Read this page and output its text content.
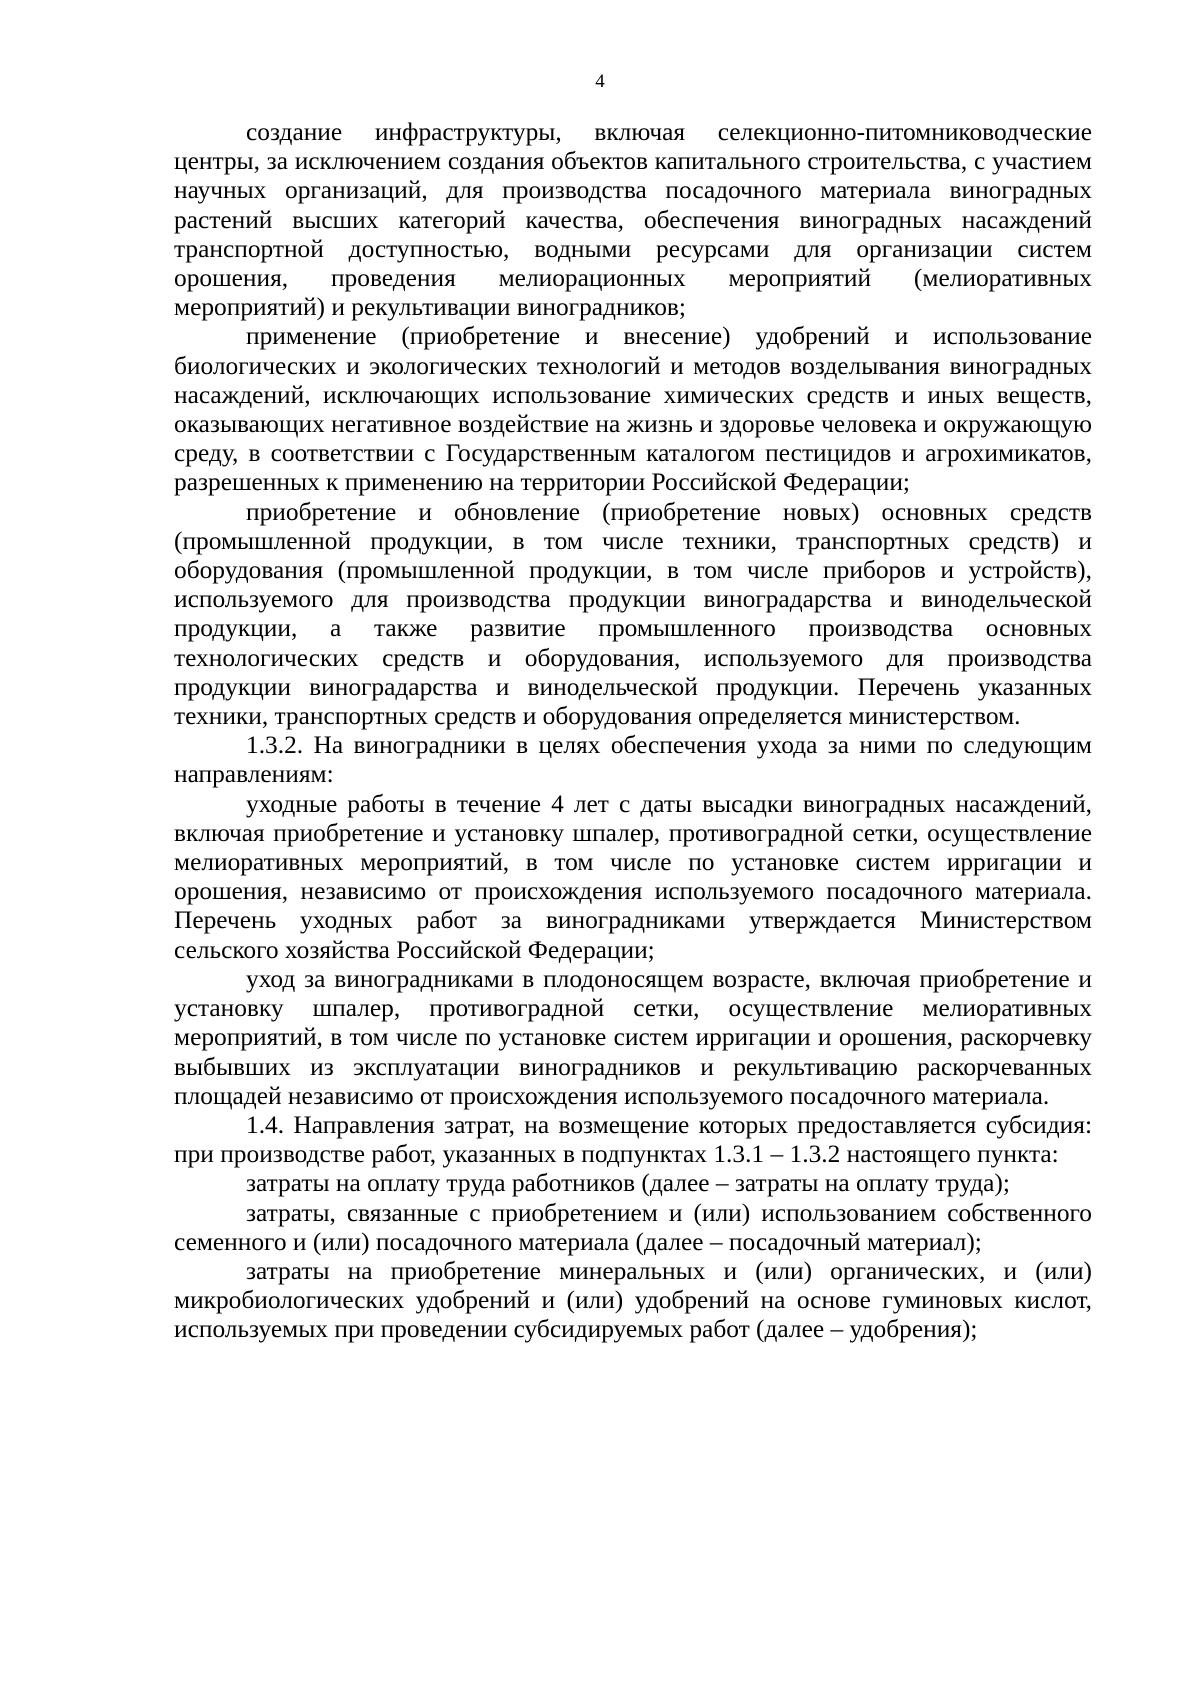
4

создание инфраструктуры, включая селекционно-питомниководческие центры, за исключением создания объектов капитального строительства, с участием научных организаций, для производства посадочного материала виноградных растений высших категорий качества, обеспечения виноградных насаждений транспортной доступностью, водными ресурсами для организации систем орошения, проведения мелиорационных мероприятий (мелиоративных мероприятий) и рекультивации виноградников;

применение (приобретение и внесение) удобрений и использование биологических и экологических технологий и методов возделывания виноградных насаждений, исключающих использование химических средств и иных веществ, оказывающих негативное воздействие на жизнь и здоровье человека и окружающую среду, в соответствии с Государственным каталогом пестицидов и агрохимикатов, разрешенных к применению на территории Российской Федерации;

приобретение и обновление (приобретение новых) основных средств (промышленной продукции, в том числе техники, транспортных средств) и оборудования (промышленной продукции, в том числе приборов и устройств), используемого для производства продукции виноградарства и винодельческой продукции, а также развитие промышленного производства основных технологических средств и оборудования, используемого для производства продукции виноградарства и винодельчеcкой продукции. Перечень указанных техники, транспортных средств и оборудования определяется министерством.

1.3.2. На виноградники в целях обеспечения ухода за ними по следующим направлениям:

уходные работы в течение 4 лет с даты высадки виноградных насаждений, включая приобретение и установку шпалер, противоградной сетки, осуществление мелиоративных мероприятий, в том числе по установке систем ирригации и орошения, независимо от происхождения используемого посадочного материала. Перечень уходных работ за виноградниками утверждается Министерством сельского хозяйства Российской Федерации;

уход за виноградниками в плодоносящем возрасте, включая приобретение и установку шпалер, противоградной сетки, осуществление мелиоративных мероприятий, в том числе по установке систем ирригации и орошения, раскорчевку выбывших из эксплуатации виноградников и рекультивацию раскорчеванных площадей независимо от происхождения используемого посадочного материала.

1.4. Направления затрат, на возмещение которых предоставляется субсидия: при производстве работ, указанных в подпунктах 1.3.1 – 1.3.2 настоящего пункта:

затраты на оплату труда работников (далее – затраты на оплату труда);

затраты, связанные с приобретением и (или) использованием собственного семенного и (или) посадочного материала (далее – посадочный материал);

затраты на приобретение минеральных и (или) органических, и (или) микробиологических удобрений и (или) удобрений на основе гуминовых кислот, используемых при проведении субсидируемых работ (далее – удобрения);
